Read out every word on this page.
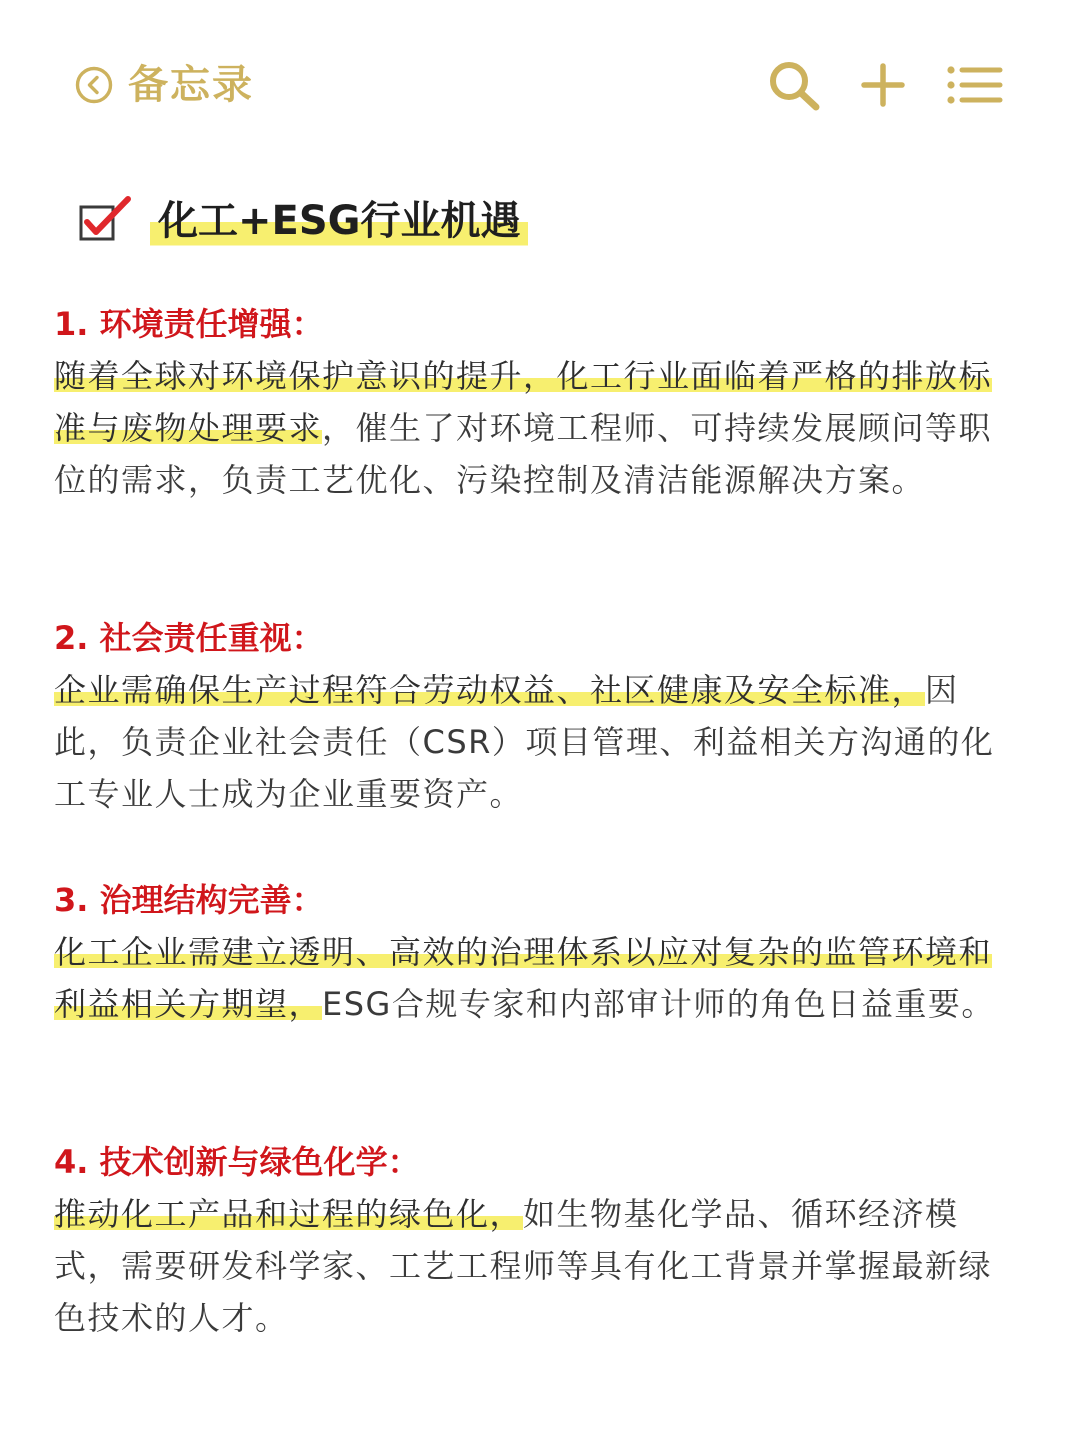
备忘录
化工+ESG行业机遇

1. 环境责任增强：

随着全球对环境保护意识的提升，化工行业面临着严格的排放标准与废物处理要求，催生了对环境工程师、可持续发展顾问等职位的需求，负责工艺优化、污染控制及清洁能源解决方案。

2. 社会责任重视：

企业需确保生产过程符合劳动权益、社区健康及安全标准，因此，负责企业社会责任（CSR）项目管理、利益相关方沟通的化工专业人士成为企业重要资产。

3. 治理结构完善：

化工企业需建立透明、高效的治理体系以应对复杂的监管环境和利益相关方期望，ESG合规专家和内部审计师的角色日益重要。

4. 技术创新与绿色化学：

推动化工产品和过程的绿色化，如生物基化学品、循环经济模式，需要研发科学家、工艺工程师等具有化工背景并掌握最新绿色技术的人才。
